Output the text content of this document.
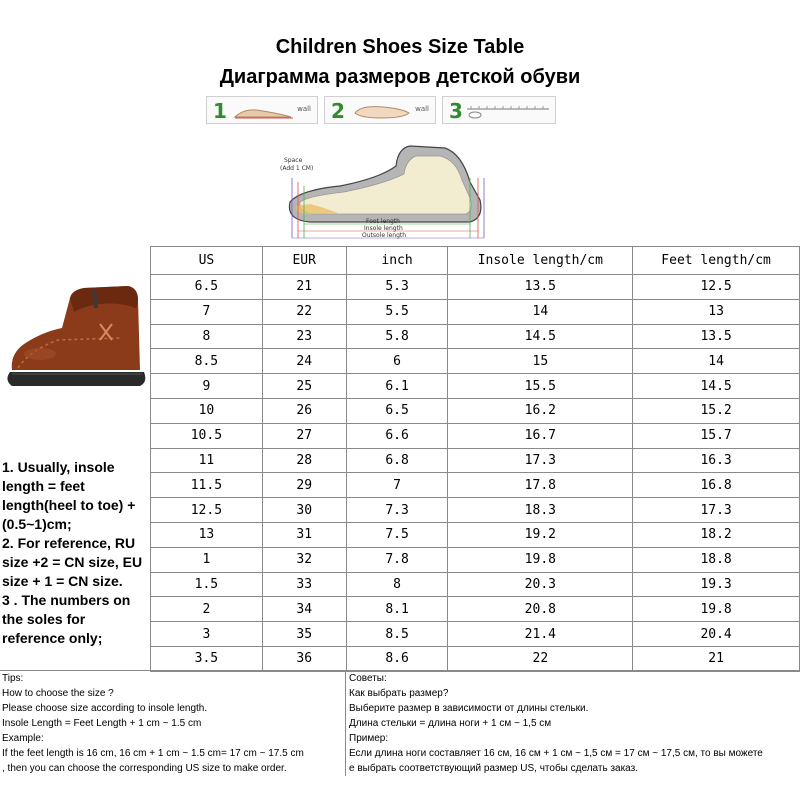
Children Shoes Size Table
Диаграмма размеров детской обуви
1	wall 2	wall 3
Space
(Add 1 CM)
Foot length
Insole length
Outsole length
1. Usually, insole length = feet length(heel to toe) + (0.5~1)cm;
2. For reference, RU size +2 = CN size, EU size + 1 = CN size.
3 . The numbers on the soles for reference only;
US	EUR	inch	Insole length/cm	Feet length/cm
6.5	21	5.3	13.5	12.5
7	22	5.5	14	13
8	23	5.8	14.5	13.5
8.5	24	6	15	14
9	25	6.1	15.5	14.5
10	26	6.5	16.2	15.2
10.5	27	6.6	16.7	15.7
11	28	6.8	17.3	16.3
11.5	29	7	17.8	16.8
12.5	30	7.3	18.3	17.3
13	31	7.5	19.2	18.2
1	32	7.8	19.8	18.8
1.5	33	8	20.3	19.3
2	34	8.1	20.8	19.8
3	35	8.5	21.4	20.4
3.5	36	8.6	22	21
Tips:
How to choose the size ?
Please choose size according to insole length.
Insole Length = Feet Length + 1 cm ~ 1.5 cm
Example:
If the feet length is 16 cm, 16 cm + 1 cm ~ 1.5 cm= 17 cm ~ 17.5 cm
, then you can choose the corresponding US size to make order.
Советы:
Как выбрать размер?
Выберите размер в зависимости от длины стельки.
Длина стельки = длина ноги + 1 см ~ 1,5 см
Пример:
Если длина ноги составляет 16 см, 16 см + 1 см ~ 1,5 см = 17 см ~ 17,5 см, то вы можете
е выбрать соответствующий размер US, чтобы сделать заказ.
